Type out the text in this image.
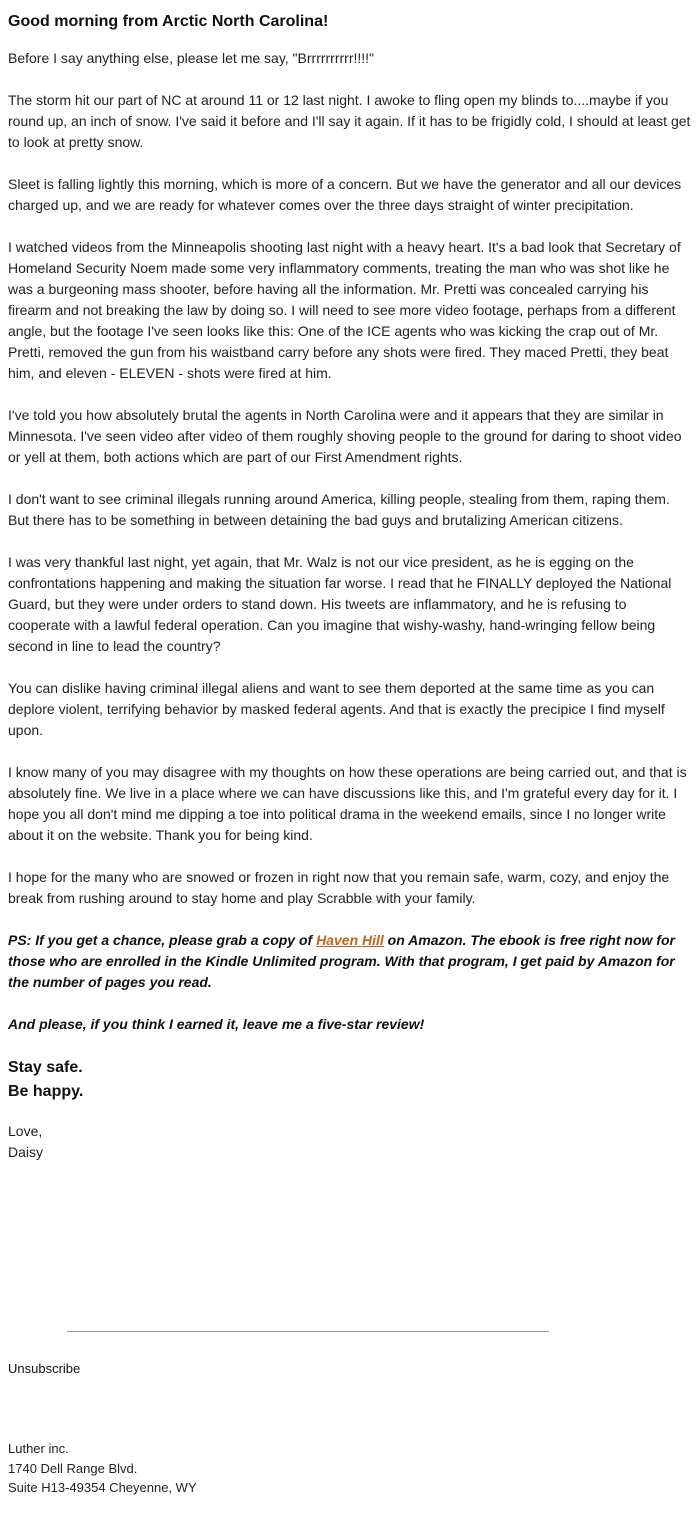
Good morning from Arctic North Carolina!

Before I say anything else, please let me say, "Brrrrrrrrrr!!!!"

The storm hit our part of NC at around 11 or 12 last night. I awoke to fling open my blinds to....maybe if you round up, an inch of snow. I've said it before and I'll say it again. If it has to be frigidly cold, I should at least get to look at pretty snow.

Sleet is falling lightly this morning, which is more of a concern. But we have the generator and all our devices charged up, and we are ready for whatever comes over the three days straight of winter precipitation.

I watched videos from the Minneapolis shooting last night with a heavy heart. It's a bad look that Secretary of Homeland Security Noem made some very inflammatory comments, treating the man who was shot like he was a burgeoning mass shooter, before having all the information. Mr. Pretti was concealed carrying his firearm and not breaking the law by doing so. I will need to see more video footage, perhaps from a different angle, but the footage I've seen looks like this: One of the ICE agents who was kicking the crap out of Mr. Pretti, removed the gun from his waistband carry before any shots were fired. They maced Pretti, they beat him, and eleven - ELEVEN - shots were fired at him.

I've told you how absolutely brutal the agents in North Carolina were and it appears that they are similar in Minnesota. I've seen video after video of them roughly shoving people to the ground for daring to shoot video or yell at them, both actions which are part of our First Amendment rights.

I don't want to see criminal illegals running around America, killing people, stealing from them, raping them. But there has to be something in between detaining the bad guys and brutalizing American citizens.

I was very thankful last night, yet again, that Mr. Walz is not our vice president, as he is egging on the confrontations happening and making the situation far worse. I read that he FINALLY deployed the National Guard, but they were under orders to stand down. His tweets are inflammatory, and he is refusing to cooperate with a lawful federal operation. Can you imagine that wishy-washy, hand-wringing fellow being second in line to lead the country?

You can dislike having criminal illegal aliens and want to see them deported at the same time as you can deplore violent, terrifying behavior by masked federal agents. And that is exactly the precipice I find myself upon.

I know many of you may disagree with my thoughts on how these operations are being carried out, and that is absolutely fine. We live in a place where we can have discussions like this, and I'm grateful every day for it. I hope you all don't mind me dipping a toe into political drama in the weekend emails, since I no longer write about it on the website. Thank you for being kind.

I hope for the many who are snowed or frozen in right now that you remain safe, warm, cozy, and enjoy the break from rushing around to stay home and play Scrabble with your family.

PS: If you get a chance, please grab a copy of Haven Hill on Amazon. The ebook is free right now for those who are enrolled in the Kindle Unlimited program. With that program, I get paid by Amazon for the number of pages you read.

And please, if you think I earned it, leave me a five-star review!

Stay safe.
Be happy.
Love,
Daisy
Unsubscribe
Luther inc.
1740 Dell Range Blvd.
Suite H13-49354 Cheyenne, WY
